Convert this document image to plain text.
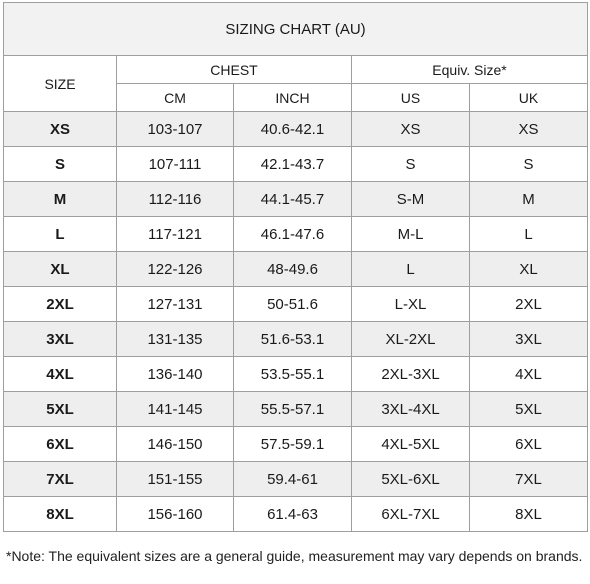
SIZING CHART (AU)				
SIZE	CHEST		Equiv. Size*	
	CM	INCH	US	UK
XS	103-107	40.6-42.1	XS	XS
S	107-111	42.1-43.7	S	S
M	112-116	44.1-45.7	S-M	M
L	117-121	46.1-47.6	M-L	L
XL	122-126	48-49.6	L	XL
2XL	127-131	50-51.6	L-XL	2XL
3XL	131-135	51.6-53.1	XL-2XL	3XL
4XL	136-140	53.5-55.1	2XL-3XL	4XL
5XL	141-145	55.5-57.1	3XL-4XL	5XL
6XL	146-150	57.5-59.1	4XL-5XL	6XL
7XL	151-155	59.4-61	5XL-6XL	7XL
8XL	156-160	61.4-63	6XL-7XL	8XL
*Note: The equivalent sizes are a general guide, measurement may vary depends on brands.
